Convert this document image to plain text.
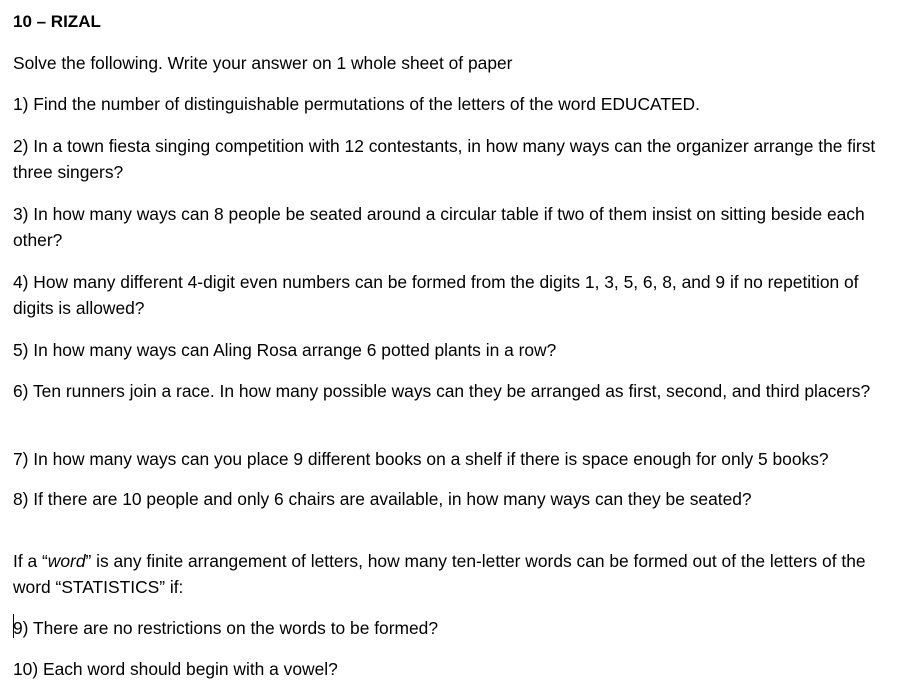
10 – RIZAL
Solve the following. Write your answer on 1 whole sheet of paper
1) Find the number of distinguishable permutations of the letters of the word EDUCATED.
2) In a town fiesta singing competition with 12 contestants, in how many ways can the organizer arrange the first three singers?
3) In how many ways can 8 people be seated around a circular table if two of them insist on sitting beside each other?
4) How many different 4-digit even numbers can be formed from the digits 1, 3, 5, 6, 8, and 9 if no repetition of digits is allowed?
5) In how many ways can Aling Rosa arrange 6 potted plants in a row?
6) Ten runners join a race. In how many possible ways can they be arranged as first, second, and third placers?
7) In how many ways can you place 9 different books on a shelf if there is space enough for only 5 books?
8) If there are 10 people and only 6 chairs are available, in how many ways can they be seated?
If a “word” is any finite arrangement of letters, how many ten-letter words can be formed out of the letters of the word “STATISTICS” if:
9) There are no restrictions on the words to be formed?
10) Each word should begin with a vowel?
